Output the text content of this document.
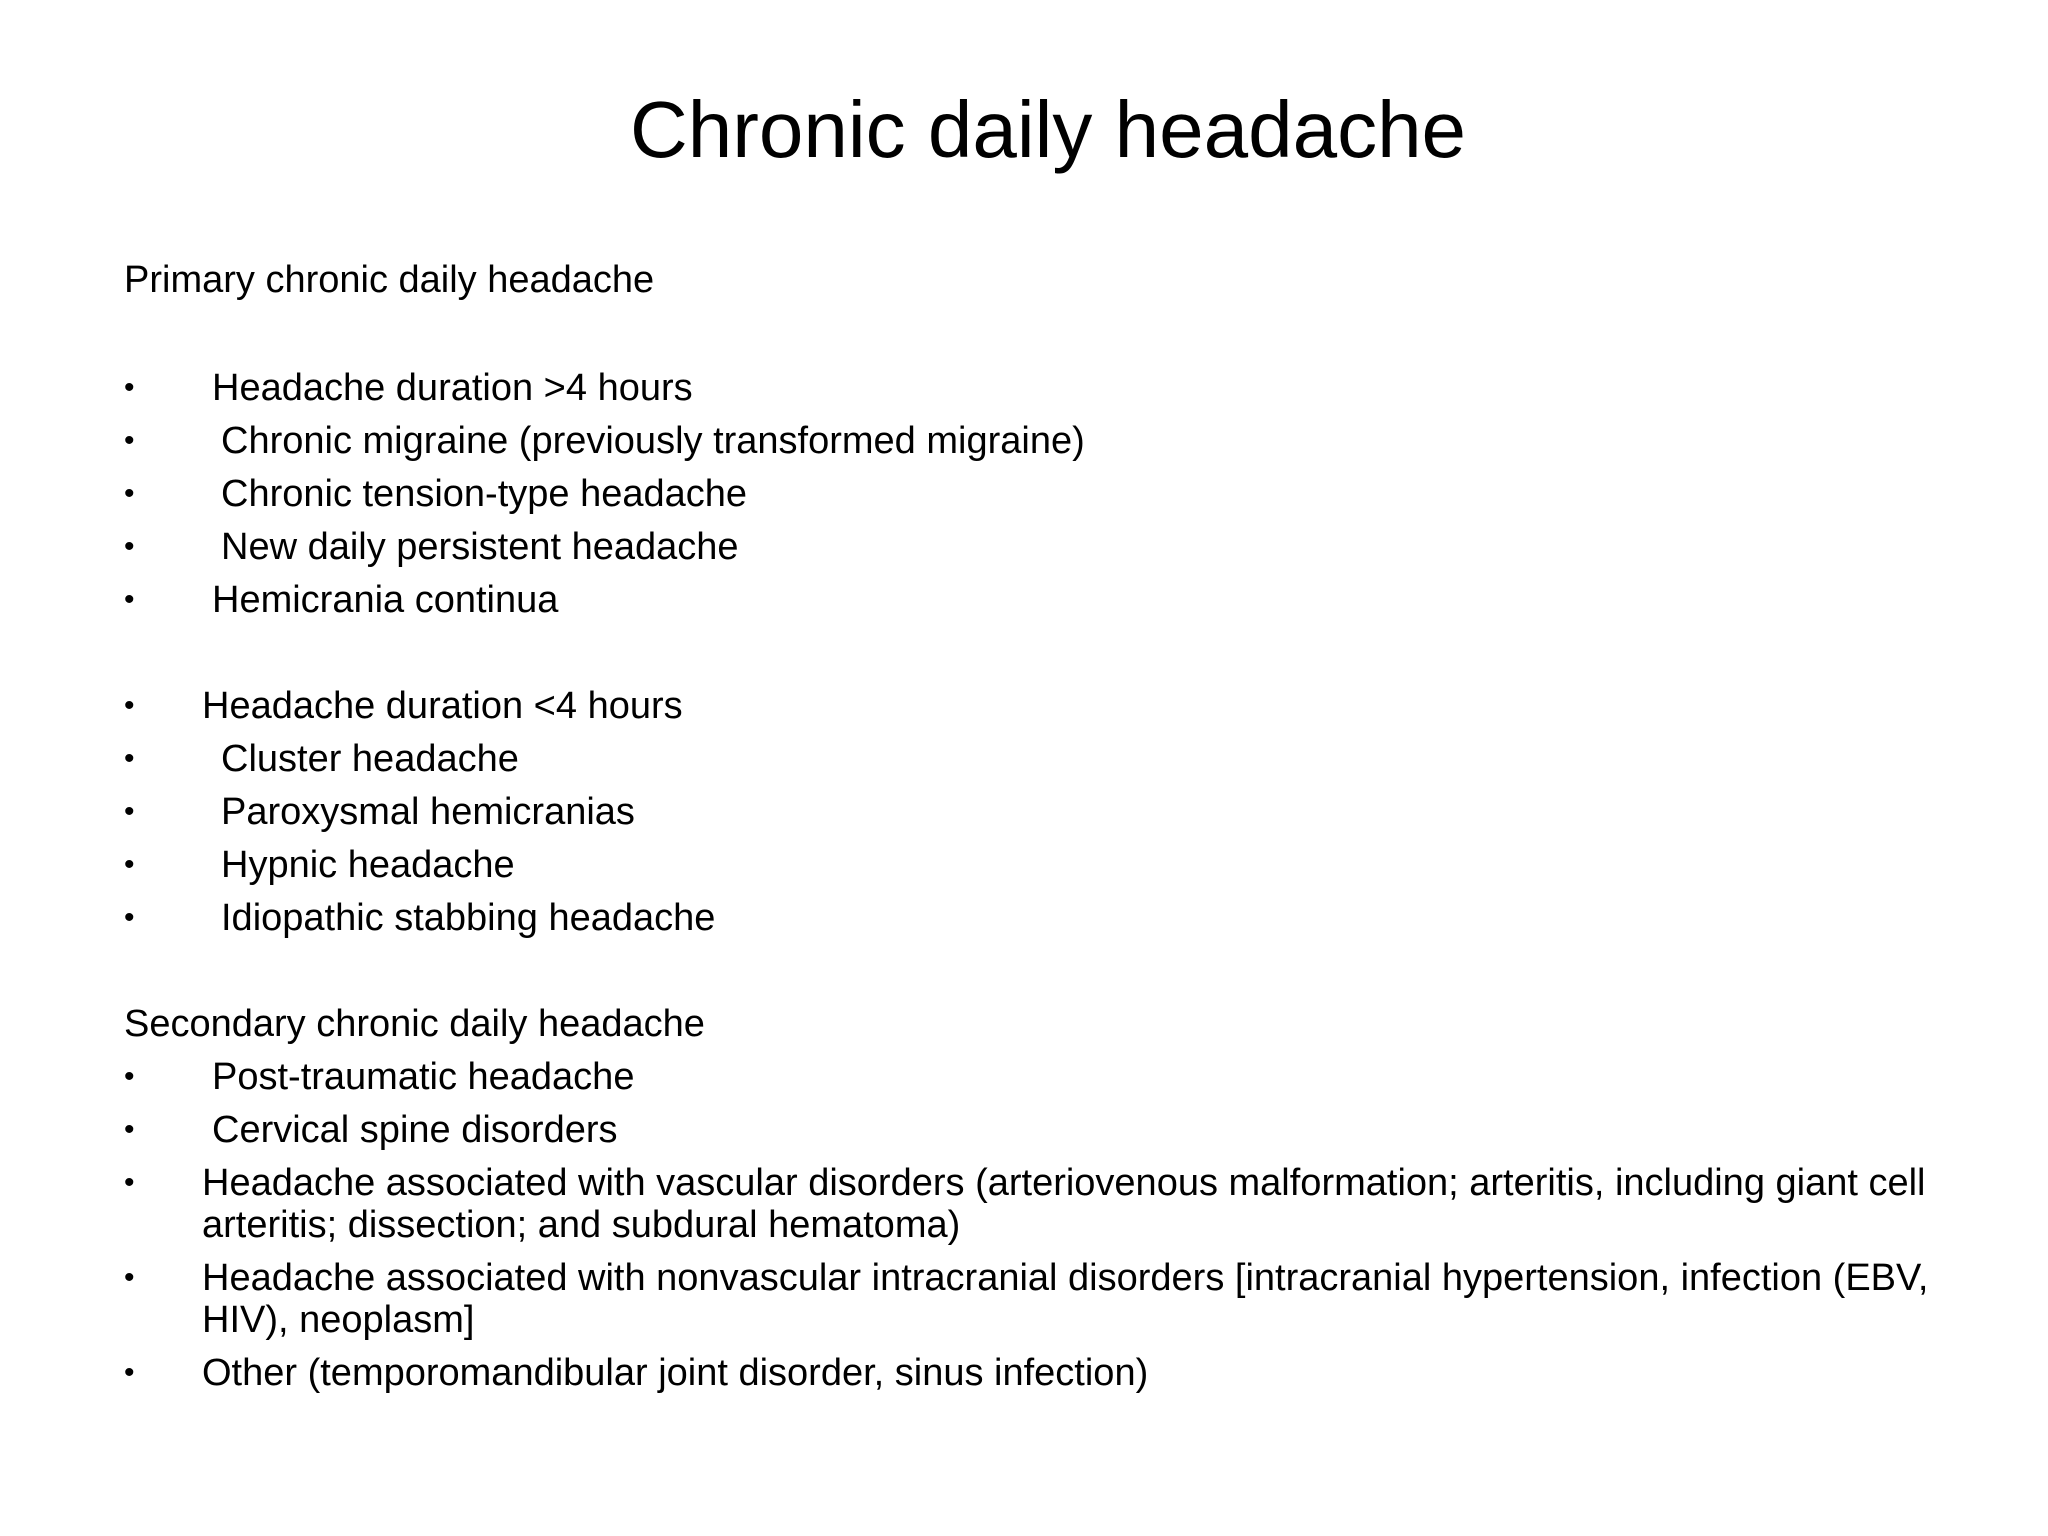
Chronic daily headache
Primary chronic daily headache
•	Headache duration >4 hours
•	Chronic migraine (previously transformed migraine)
•	Chronic tension-type headache
•	New daily persistent headache
•	Hemicrania continua
•	Headache duration <4 hours
•	Cluster headache
•	Paroxysmal hemicranias
•	Hypnic headache
•	Idiopathic stabbing headache
Secondary chronic daily headache
•	Post-traumatic headache
•	Cervical spine disorders
•	Headache associated with vascular disorders (arteriovenous malformation; arteritis, including giant cell arteritis; dissection; and subdural hematoma)
•	Headache associated with nonvascular intracranial disorders [intracranial hypertension, infection (EBV, HIV), neoplasm]
•	Other (temporomandibular joint disorder, sinus infection)
